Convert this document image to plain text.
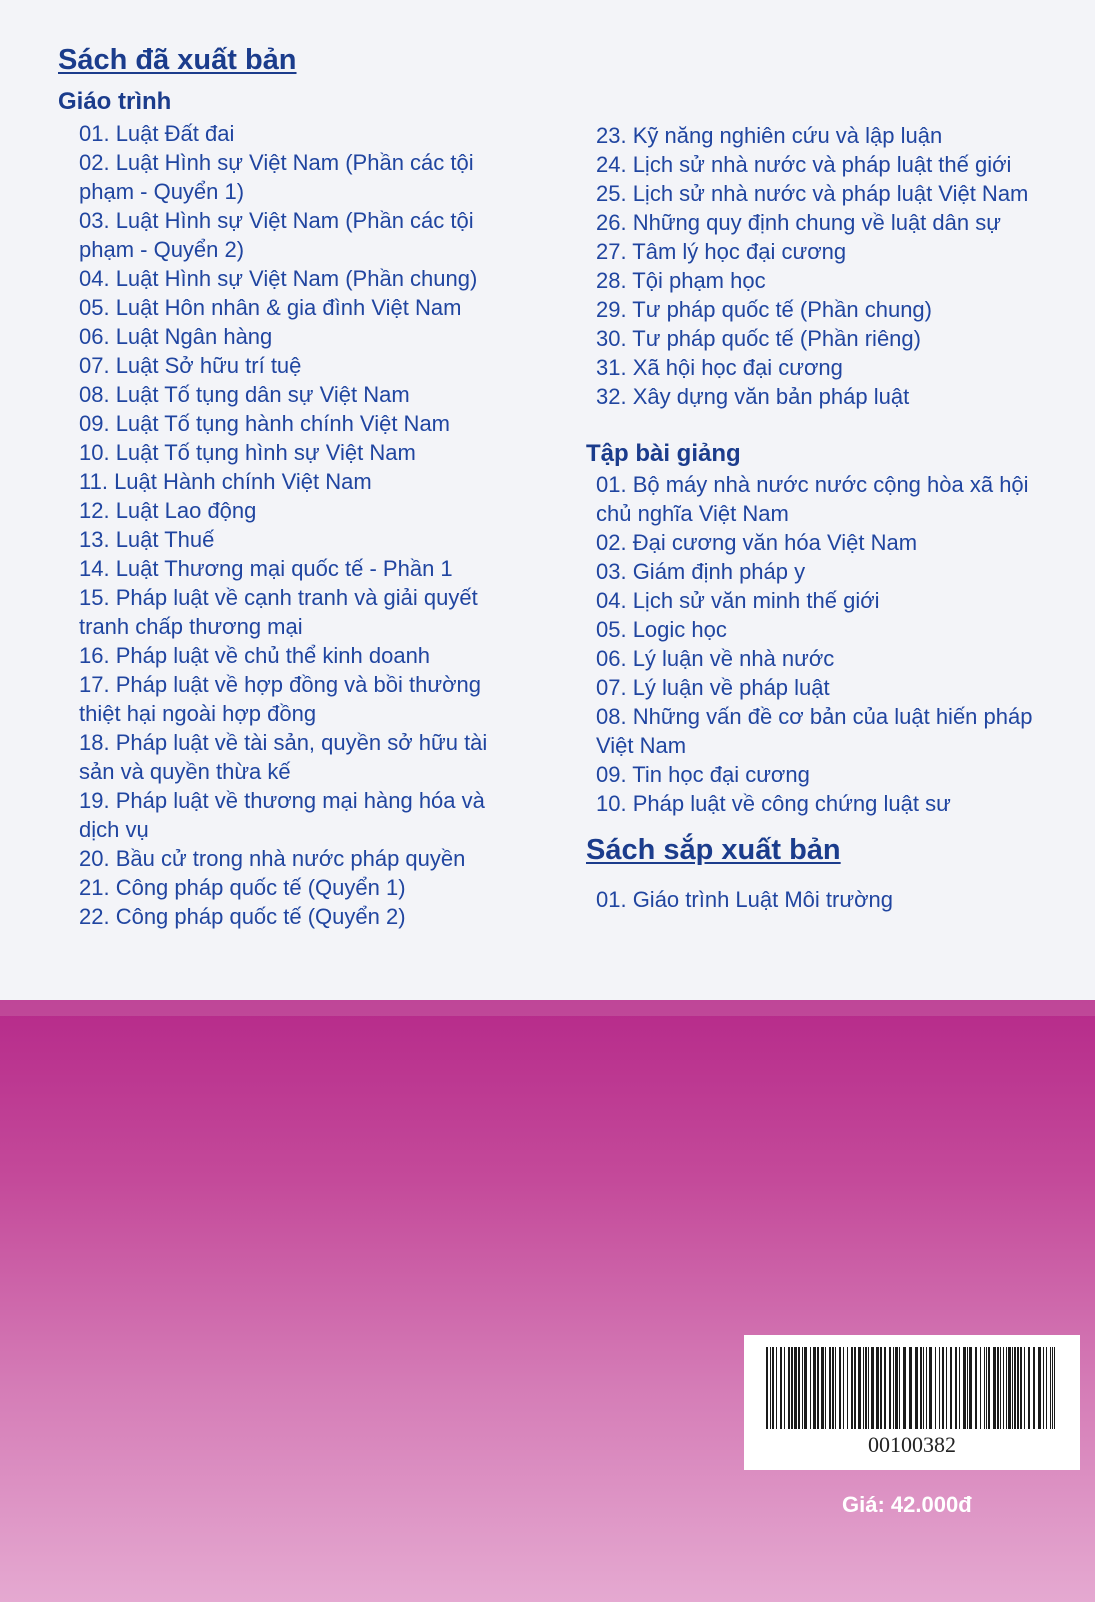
Sách đã xuất bản
Giáo trình
01. Luật Đất đai
02. Luật Hình sự Việt Nam (Phần các tội phạm - Quyển 1)
03. Luật Hình sự Việt Nam (Phần các tội phạm - Quyển 2)
04. Luật Hình sự Việt Nam (Phần chung)
05. Luật Hôn nhân & gia đình Việt Nam
06. Luật Ngân hàng
07. Luật Sở hữu trí tuệ
08. Luật Tố tụng dân sự Việt Nam
09. Luật Tố tụng hành chính Việt Nam
10. Luật Tố tụng hình sự Việt Nam
11. Luật Hành chính Việt Nam
12. Luật Lao động
13. Luật Thuế
14. Luật Thương mại quốc tế - Phần 1
15. Pháp luật về cạnh tranh và giải quyết tranh chấp thương mại
16. Pháp luật về chủ thể kinh doanh
17. Pháp luật về hợp đồng và bồi thường thiệt hại ngoài hợp đồng
18. Pháp luật về tài sản, quyền sở hữu tài sản và quyền thừa kế
19. Pháp luật về thương mại hàng hóa và dịch vụ
20. Bầu cử trong nhà nước pháp quyền
21. Công pháp quốc tế (Quyển 1)
22. Công pháp quốc tế (Quyển 2)
23. Kỹ năng nghiên cứu và lập luận
24. Lịch sử nhà nước và pháp luật thế giới
25. Lịch sử nhà nước và pháp luật Việt Nam
26. Những quy định chung về luật dân sự
27. Tâm lý học đại cương
28. Tội phạm học
29. Tư pháp quốc tế (Phần chung)
30. Tư pháp quốc tế (Phần riêng)
31. Xã hội học đại cương
32. Xây dựng văn bản pháp luật
Tập bài giảng
01. Bộ máy nhà nước nước cộng hòa xã hội chủ nghĩa Việt Nam
02. Đại cương văn hóa Việt Nam
03. Giám định pháp y
04. Lịch sử văn minh thế giới
05. Logic học
06. Lý luận về nhà nước
07. Lý luận về pháp luật
08. Những vấn đề cơ bản của luật hiến pháp Việt Nam
09. Tin học đại cương
10. Pháp luật về công chứng luật sư
Sách sắp xuất bản
01. Giáo trình Luật Môi trường
00100382
Giá: 42.000đ
